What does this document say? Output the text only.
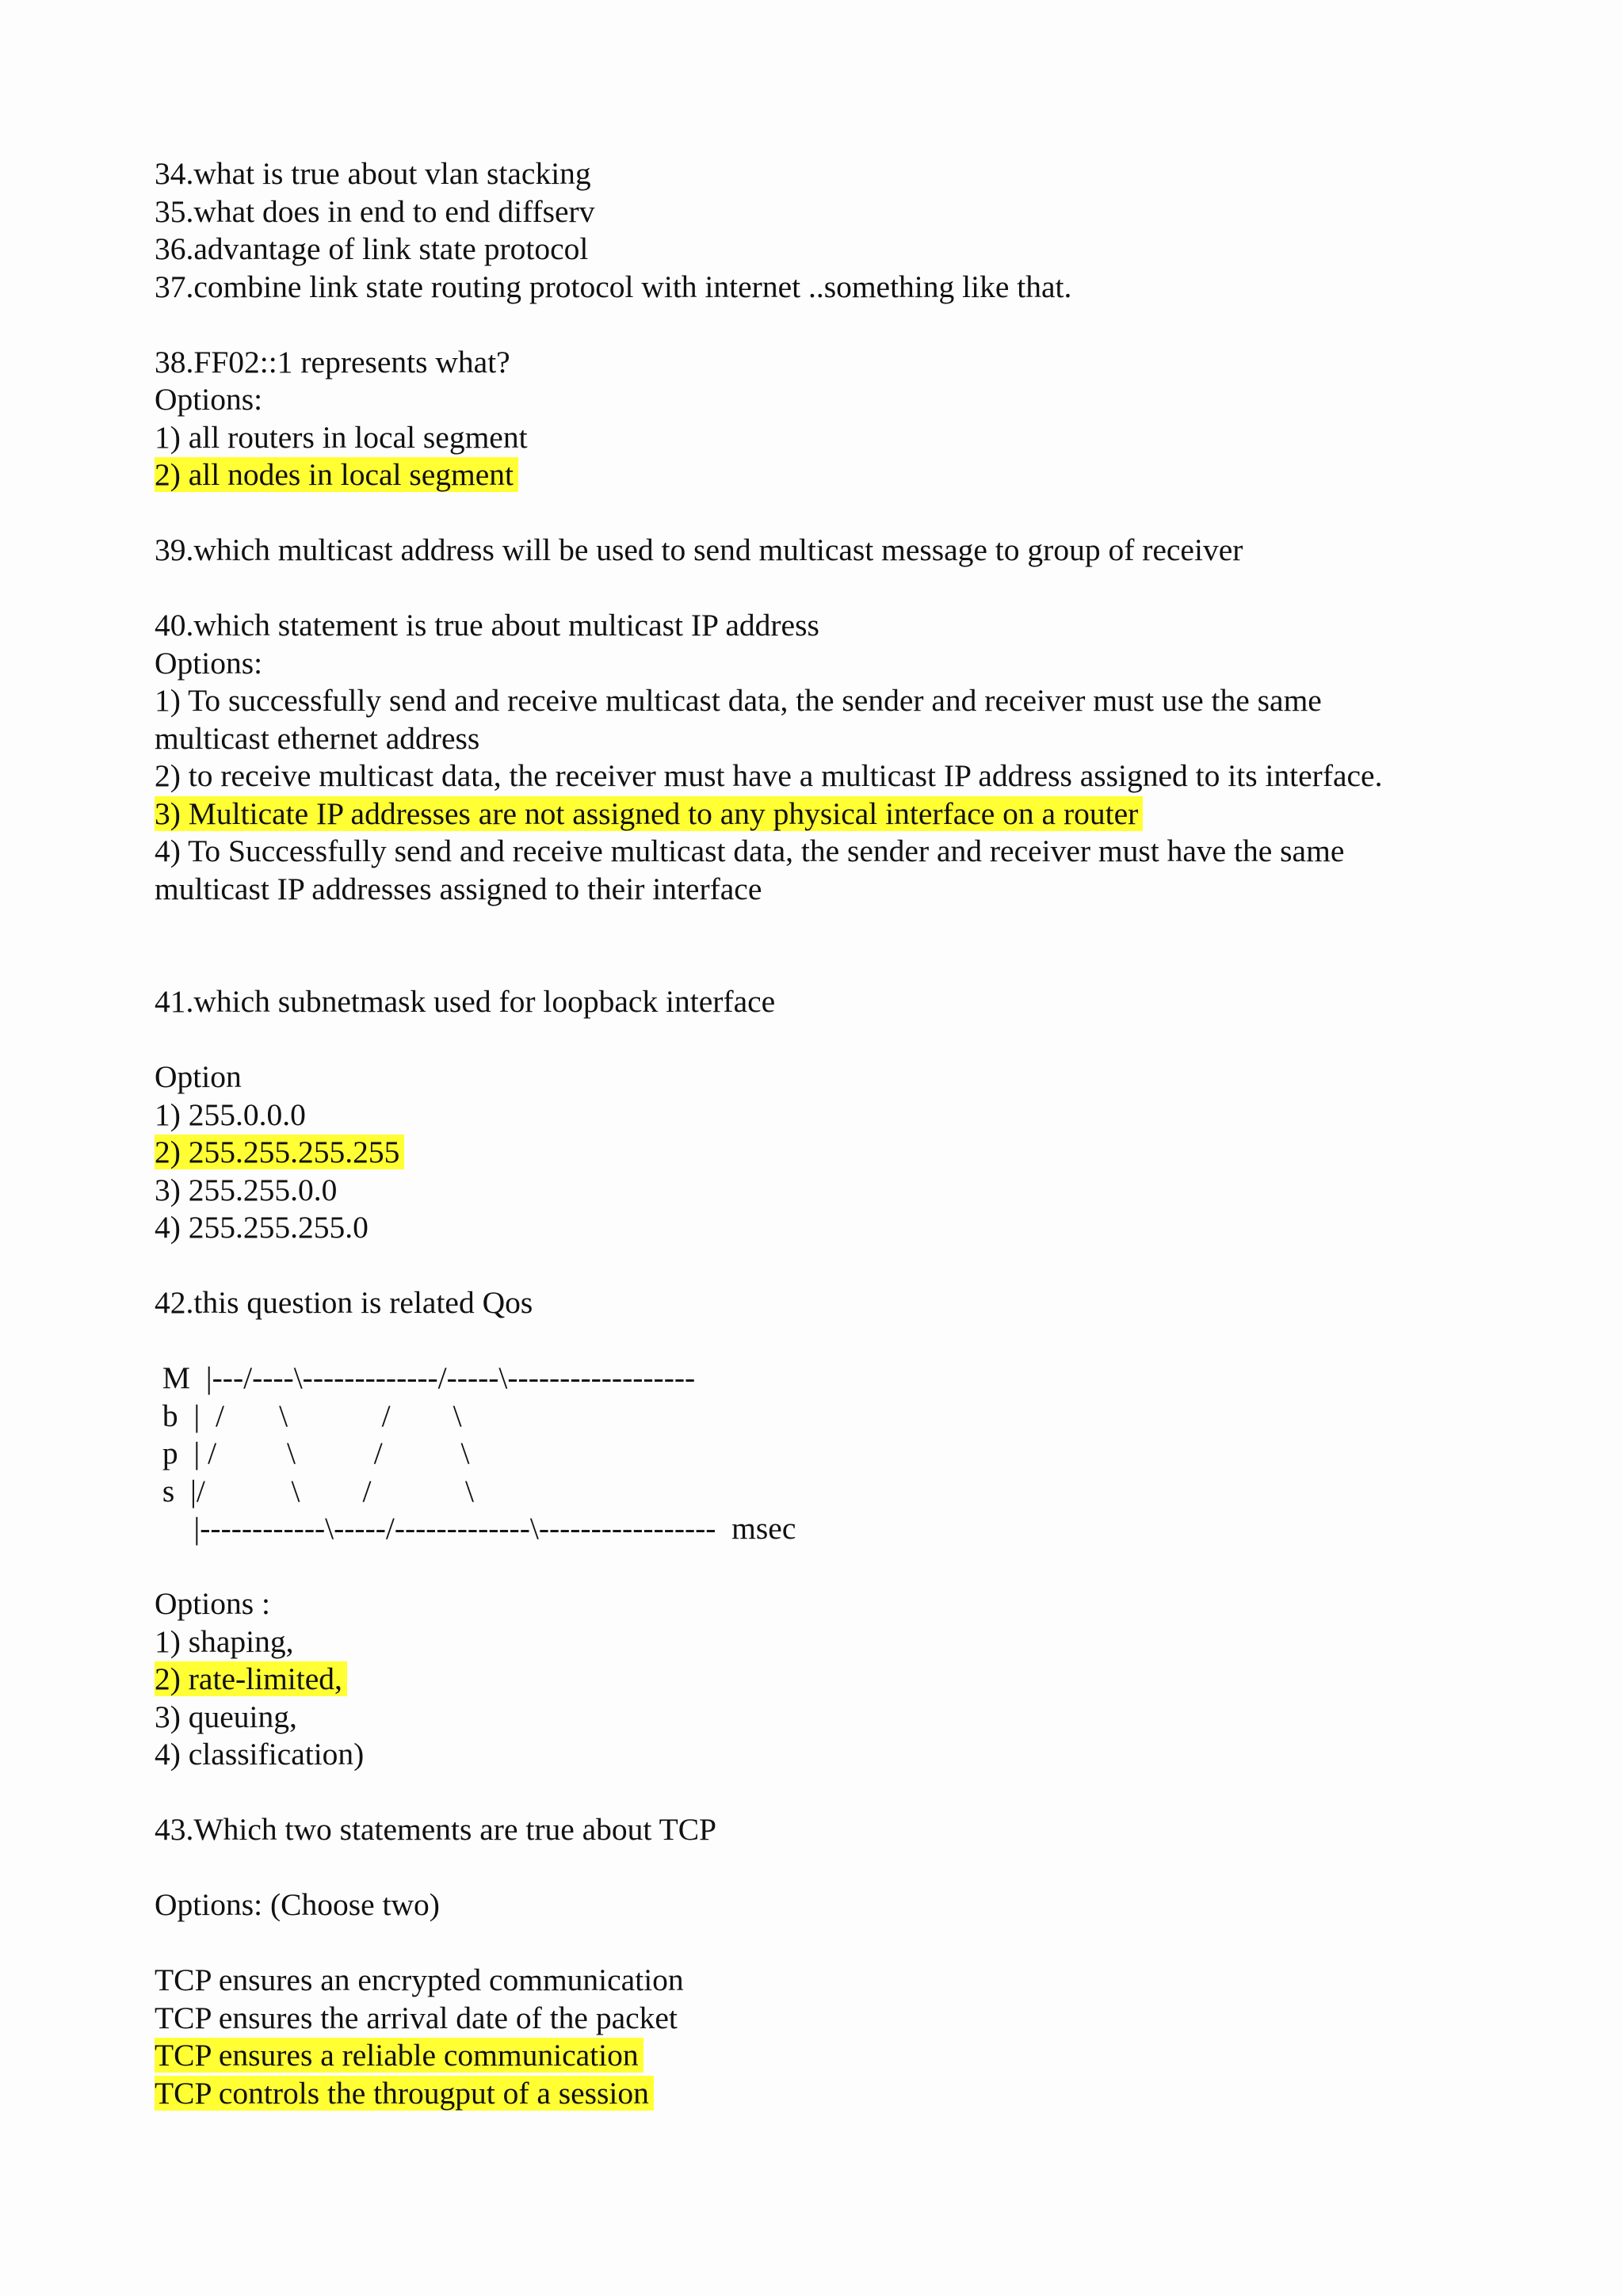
34.what is true about vlan stacking
35.what does in end to end diffserv
36.advantage of link state protocol
37.combine link state routing protocol with internet ..something like that.
38.FF02::1 represents what?
Options:
1) all routers in local segment
2) all nodes in local segment
39.which multicast address will be used to send multicast message to group of receiver
40.which statement is true about multicast IP address
Options:
1) To successfully send and receive multicast data, the sender and receiver must use the same
multicast ethernet address
2) to receive multicast data, the receiver must have a multicast IP address assigned to its interface.
3) Multicate IP addresses are not assigned to any physical interface on a router
4) To Successfully send and receive multicast data, the sender and receiver must have the same
multicast IP addresses assigned to their interface
41.which subnetmask used for loopback interface
Option
1) 255.0.0.0
2) 255.255.255.255
3) 255.255.0.0
4) 255.255.255.0
42.this question is related Qos
M  |---/----\-------------/-----\------------------
b  |  /       \            /        \
p  | /         \          /          \
s  |/           \        /            \
|------------\-----/-------------\-----------------  msec
Options :
1) shaping,
2) rate-limited,
3) queuing,
4) classification)
43.Which two statements are true about TCP
Options: (Choose two)
TCP ensures an encrypted communication
TCP ensures the arrival date of the packet
TCP ensures a reliable communication
TCP controls the througput of a session
